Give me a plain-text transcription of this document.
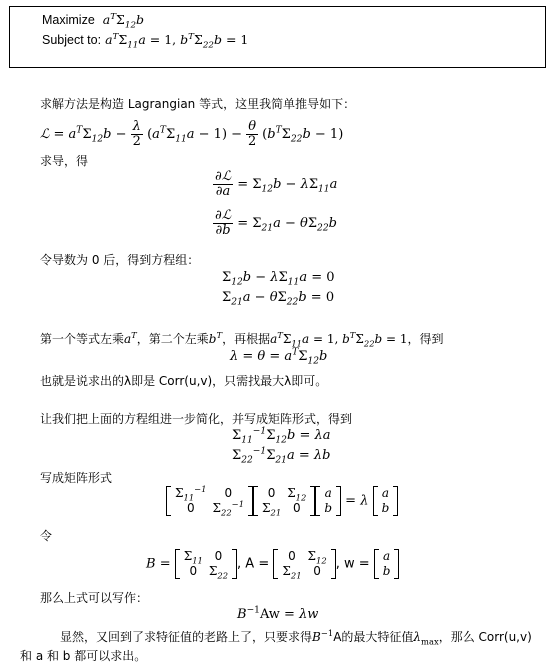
Maximize $a^T\Sigma_{12}b$
Subject to: $a^T\Sigma_{11}a = 1$, $b^T\Sigma_{22}b = 1$
求解方法是构造 Lagrangian 等式，这里我简单推导如下：
ℒ = $a^T\Sigma_{12}b - \frac{\lambda}{2} (a^T\Sigma_{11}a - 1) - \frac{\theta}{2} (b^T\Sigma_{22}b - 1)$
求导，得
$\frac{\text{∂ℒ}}{\partial a} = \Sigma_{12}b - \lambda\Sigma_{11}a$
$\frac{\text{∂ℒ}}{\partial b} = \Sigma_{21}a - \theta\Sigma_{22}b$
令导数为 0 后，得到方程组：
$\Sigma_{12}b - \lambda\Sigma_{11}a = 0$
$\Sigma_{21}a - \theta\Sigma_{22}b = 0$
第一个等式左乘$a^T$，第二个左乘$b^T$，再根据$a^T\Sigma_{11}a = 1$, $b^T\Sigma_{22}b = 1$，得到
$\lambda = \theta = a^T\Sigma_{12}b$
也就是说求出的λ即是 Corr(u,v)，只需找最大λ即可。
让我们把上面的方程组进一步简化，并写成矩阵形式，得到
$\Sigma_{11}^{-1}\Sigma_{12}b = \lambda a$
$\Sigma_{22}^{-1}\Sigma_{21}a = \lambda b$
写成矩阵形式
$\Sigma_{11}^{-1}$	0
0	$\Sigma_{22}^{-1}$
0	$\Sigma_{12}$
$\Sigma_{21}$	0
a
b = λ
a
b
令
B =
$\Sigma_{11}$	0
0	$\Sigma_{22}$
, A =
0	$\Sigma_{12}$
$\Sigma_{21}$	0 , w =
a
b
那么上式可以写作：
$B^{-1}Aw = \lambda w$
显然，又回到了求特征值的老路上了，只要求得$B^{-1}A$的最大特征值$\lambda_{max}$，那么 Corr(u,v)
和 a 和 b 都可以求出。
